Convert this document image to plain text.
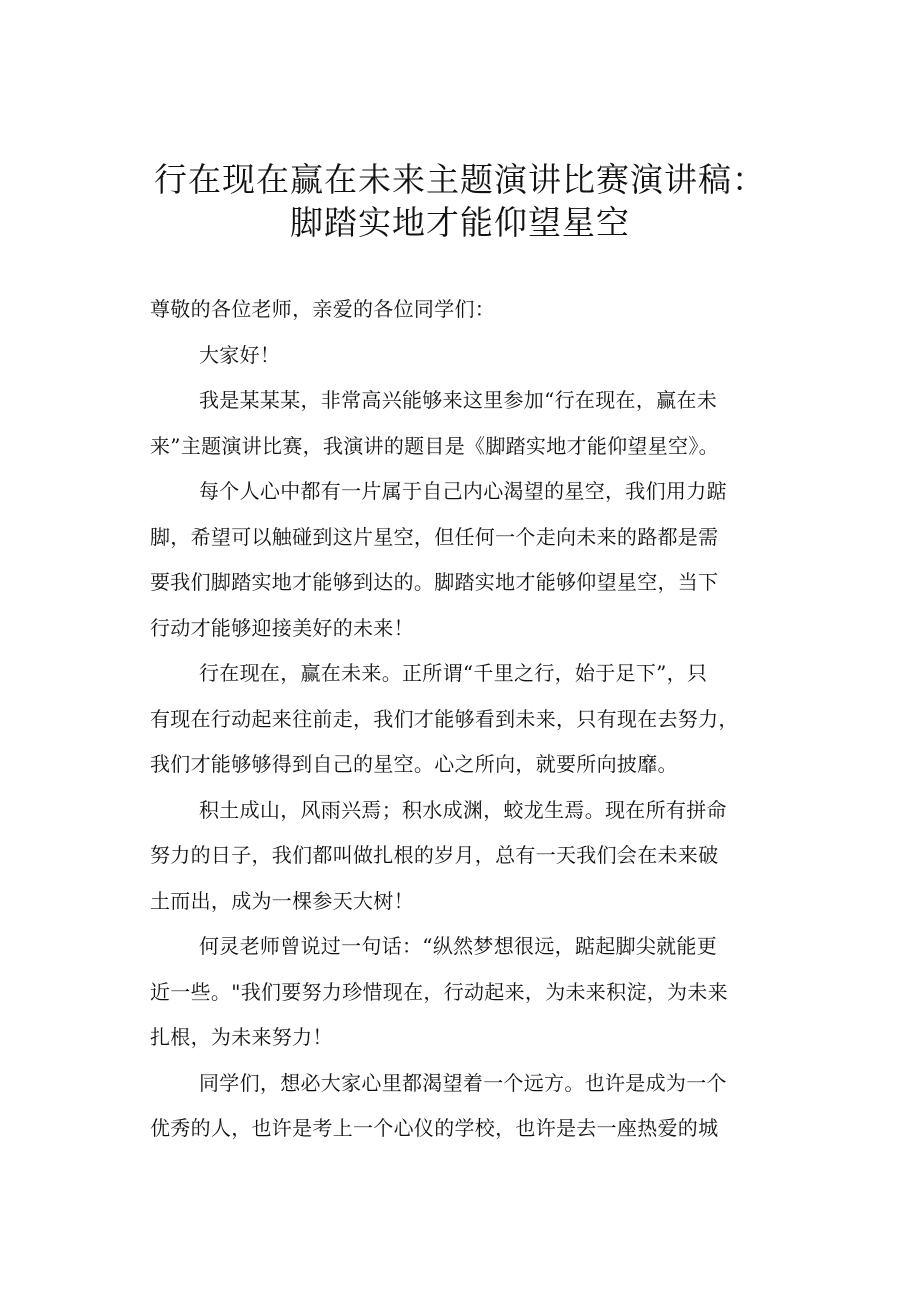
行在现在赢在未来主题演讲比赛演讲稿：
脚踏实地才能仰望星空
尊敬的各位老师，亲爱的各位同学们：
大家好！
我是某某某，非常高兴能够来这里参加“行在现在，赢在未
来”主题演讲比赛，我演讲的题目是《脚踏实地才能仰望星空》。
每个人心中都有一片属于自己内心渴望的星空，我们用力踮
脚，希望可以触碰到这片星空，但任何一个走向未来的路都是需
要我们脚踏实地才能够到达的。脚踏实地才能够仰望星空，当下
行动才能够迎接美好的未来！
行在现在，赢在未来。正所谓“千里之行，始于足下”，只
有现在行动起来往前走，我们才能够看到未来，只有现在去努力，
我们才能够够得到自己的星空。心之所向，就要所向披靡。
积土成山，风雨兴焉；积水成渊，蛟龙生焉。现在所有拼命
努力的日子，我们都叫做扎根的岁月，总有一天我们会在未来破
土而出，成为一棵参天大树！
何灵老师曾说过一句话：“纵然梦想很远，踮起脚尖就能更
近一些。"我们要努力珍惜现在，行动起来，为未来积淀，为未来
扎根，为未来努力！
同学们，想必大家心里都渴望着一个远方。也许是成为一个
优秀的人，也许是考上一个心仪的学校，也许是去一座热爱的城
